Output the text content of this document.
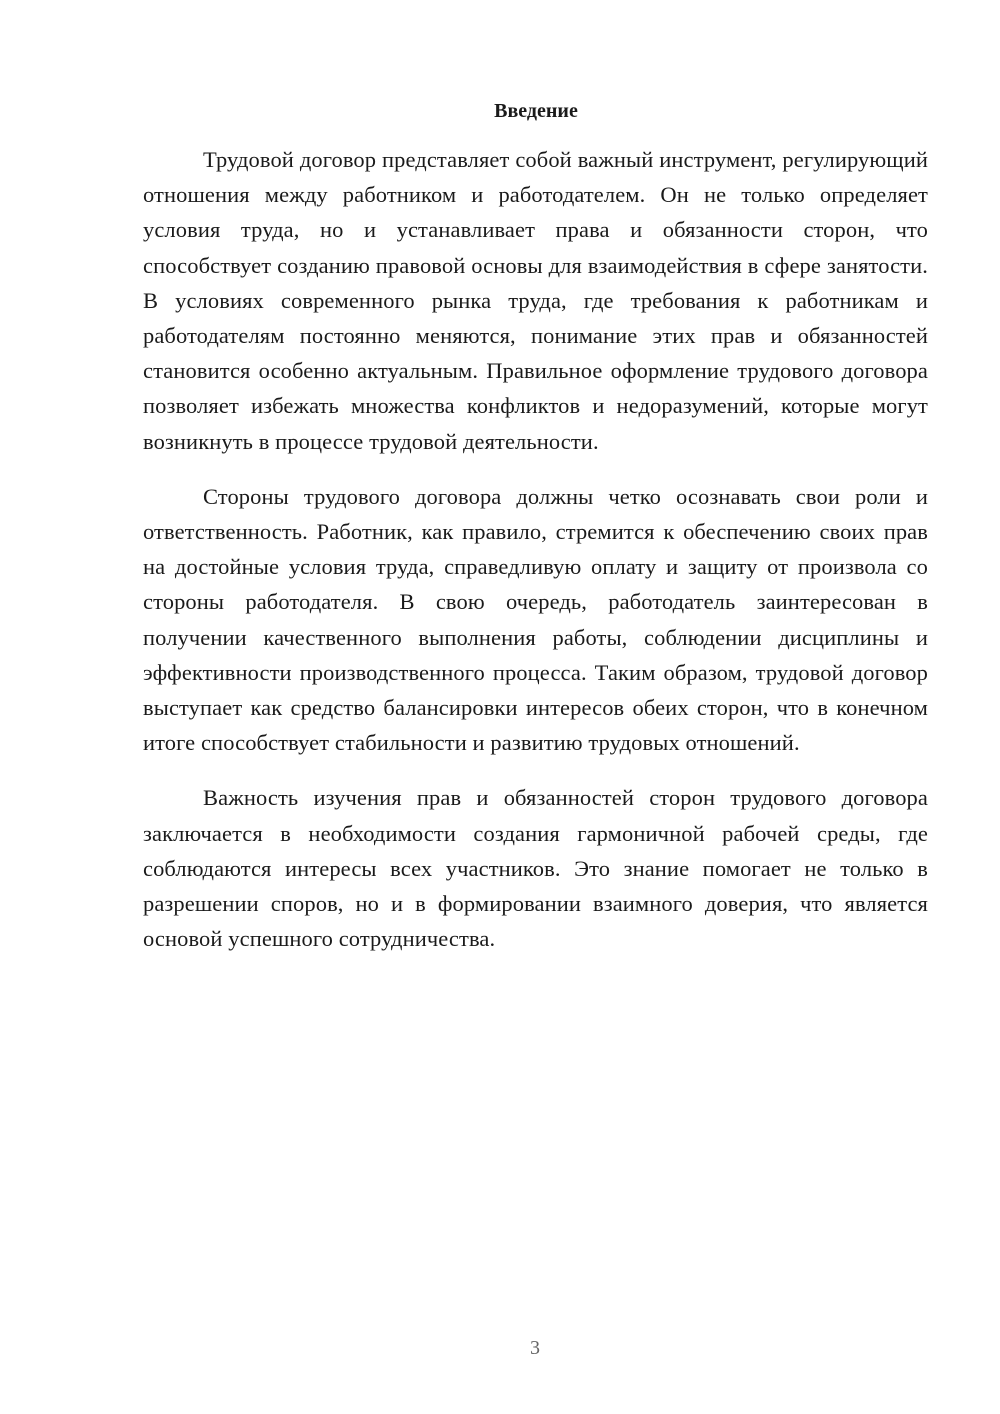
Введение

Трудовой договор представляет собой важный инструмент, регулирующий отношения между работником и работодателем. Он не только определяет условия труда, но и устанавливает права и обязанности сторон, что способствует созданию правовой основы для взаимодействия в сфере занятости. В условиях современного рынка труда, где требования к работникам и работодателям постоянно меняются, понимание этих прав и обязанностей становится особенно актуальным. Правильное оформление трудового договора позволяет избежать множества конфликтов и недоразумений, которые могут возникнуть в процессе трудовой деятельности.

Стороны трудового договора должны четко осознавать свои роли и ответственность. Работник, как правило, стремится к обеспечению своих прав на достойные условия труда, справедливую оплату и защиту от произвола со стороны работодателя. В свою очередь, работодатель заинтересован в получении качественного выполнения работы, соблюдении дисциплины и эффективности производственного процесса. Таким образом, трудовой договор выступает как средство балансировки интересов обеих сторон, что в конечном итоге способствует стабильности и развитию трудовых отношений.

Важность изучения прав и обязанностей сторон трудового договора заключается в необходимости создания гармоничной рабочей среды, где соблюдаются интересы всех участников. Это знание помогает не только в разрешении споров, но и в формировании взаимного доверия, что является основой успешного сотрудничества.

3
